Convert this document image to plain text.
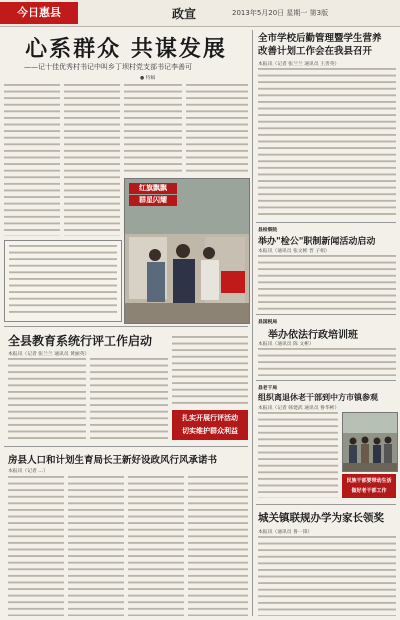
今日惠县	政宣	2013年5月20日 星期一 第3版
心系群众 共谋发展
——记十佳优秀村书记中叫乡丁坝村党支部书记李善可
● 特稿
红旗飘飘
群星闪耀
全县教育系统行评工作启动
本报讯（记者 张兰兰 通讯员 黄丽英）
扎实开展行评活动
切实维护群众利益
房县人口和计划生育局长王新好设政风行风承诺书
本报讯（记者 …）
全市学校后勤管理暨学生营养
改善计划工作会在我县召开
本报讯（记者 张兰兰 通讯员 王善英）
县检察院
举办"检公"职制新闻活动启动
本报讯（通讯员 张文彬 晋 子娟）
县国税局
举办依法行政培训班
本报讯（通讯员 陈 文彬）
县老干局
组织离退休老干部到中方市镇参观
本报讯（记者 韩建武 通讯员 鲁华彬）
民族干部要带动生活
做好老干部工作
城关镇联规办学为家长领奖
本报讯（通讯员 鲁一锋）
